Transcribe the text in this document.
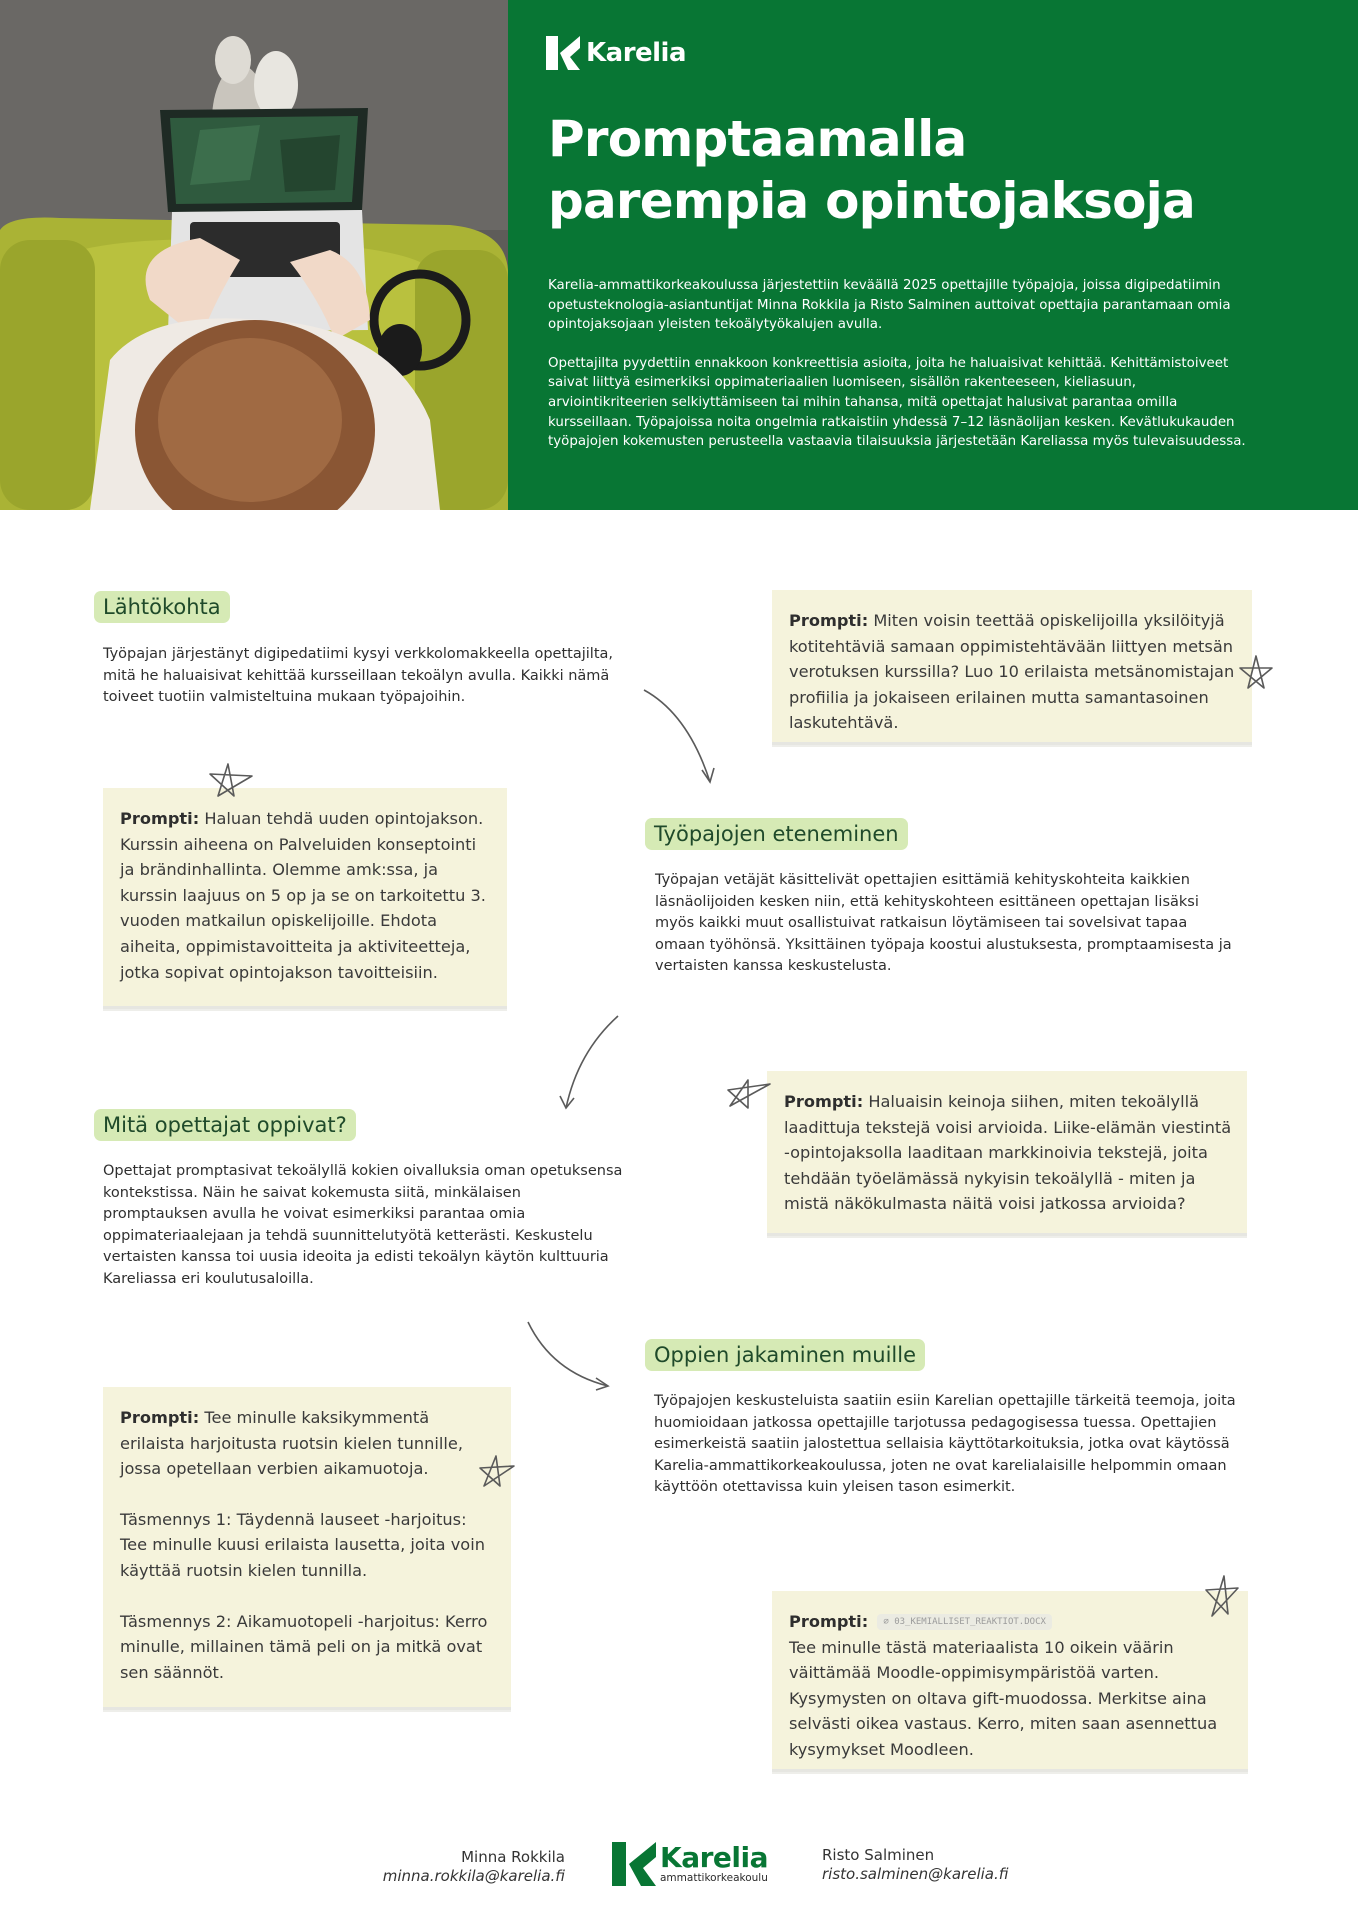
Karelia
Promptaamalla
parempia opintojaksoja

Karelia-ammattikorkeakoulussa järjestettiin keväällä 2025 opettajille työpajoja, joissa digipedatiimin opetusteknologia-asiantuntijat Minna Rokkila ja Risto Salminen auttoivat opettajia parantamaan omia opintojaksojaan yleisten tekoälytyökalujen avulla.

Opettajilta pyydettiin ennakkoon konkreettisia asioita, joita he haluaisivat kehittää. Kehittämistoiveet saivat liittyä esimerkiksi oppimateriaalien luomiseen, sisällön rakenteeseen, kieliasuun, arviointikriteerien selkiyttämiseen tai mihin tahansa, mitä opettajat halusivat parantaa omilla kursseillaan. Työpajoissa noita ongelmia ratkaistiin yhdessä 7–12 läsnäolijan kesken. Kevätlukukauden työpajojen kokemusten perusteella vastaavia tilaisuuksia järjestetään Kareliassa myös tulevaisuudessa.

Lähtökohta

Työpajan järjestänyt digipedatiimi kysyi verkkolomakkeella opettajilta, mitä he haluaisivat kehittää kursseillaan tekoälyn avulla. Kaikki nämä toiveet tuotiin valmisteltuina mukaan työpajoihin.

Prompti: Miten voisin teettää opiskelijoilla yksilöityjä kotitehtäviä samaan oppimistehtävään liittyen metsän verotuksen kurssilla? Luo 10 erilaista metsänomistajan profiilia ja jokaiseen erilainen mutta samantasoinen laskutehtävä.
Työpajojen eteneminen

Työpajan vetäjät käsittelivät opettajien esittämiä kehityskohteita kaikkien läsnäolijoiden kesken niin, että kehityskohteen esittäneen opettajan lisäksi myös kaikki muut osallistuivat ratkaisun löytämiseen tai sovelsivat tapaa omaan työhönsä. Yksittäinen työpaja koostui alustuksesta, promptaamisesta ja vertaisten kanssa keskustelusta.

Prompti: Haluan tehdä uuden opintojakson. Kurssin aiheena on Palveluiden konseptointi ja brändinhallinta. Olemme amk:ssa, ja kurssin laajuus on 5 op ja se on tarkoitettu 3. vuoden matkailun opiskelijoille. Ehdota aiheita, oppimistavoitteita ja aktiviteetteja, jotka sopivat opintojakson tavoitteisiin.
Mitä opettajat oppivat?

Opettajat promptasivat tekoälyllä kokien oivalluksia oman opetuksensa kontekstissa. Näin he saivat kokemusta siitä, minkälaisen promptauksen avulla he voivat esimerkiksi parantaa omia oppimateriaalejaan ja tehdä suunnittelutyötä ketterästi. Keskustelu vertaisten kanssa toi uusia ideoita ja edisti tekoälyn käytön kulttuuria Kareliassa eri koulutusaloilla.

Prompti: Haluaisin keinoja siihen, miten tekoälyllä laadittuja tekstejä voisi arvioida. Liike-elämän viestintä -opintojaksolla laaditaan markkinoivia tekstejä, joita tehdään työelämässä nykyisin tekoälyllä - miten ja mistä näkökulmasta näitä voisi jatkossa arvioida?
Oppien jakaminen muille

Työpajojen keskusteluista saatiin esiin Karelian opettajille tärkeitä teemoja, joita huomioidaan jatkossa opettajille tarjotussa pedagogisessa tuessa. Opettajien esimerkeistä saatiin jalostettua sellaisia käyttötarkoituksia, jotka ovat käytössä Karelia-ammattikorkeakoulussa, joten ne ovat karelialaisille helpommin omaan käyttöön otettavissa kuin yleisen tason esimerkit.

Prompti: Tee minulle kaksikymmentä erilaista harjoitusta ruotsin kielen tunnille, jossa opetellaan verbien aikamuotoja.
Täsmennys 1: Täydennä lauseet -harjoitus: Tee minulle kuusi erilaista lausetta, joita voin käyttää ruotsin kielen tunnilla.
Täsmennys 2: Aikamuotopeli -harjoitus: Kerro minulle, millainen tämä peli on ja mitkä ovat sen säännöt.
Prompti: ⌀ 03_KEMIALLISET_REAKTIOT.DOCX
Tee minulle tästä materiaalista 10 oikein väärin väittämää Moodle-oppimisympäristöä varten. Kysymysten on oltava gift-muodossa. Merkitse aina selvästi oikea vastaus. Kerro, miten saan asennettua kysymykset Moodleen.
Minna Rokkila
minna.rokkila@karelia.fi
Karelia
ammattikorkeakoulu
Risto Salminen
risto.salminen@karelia.fi
